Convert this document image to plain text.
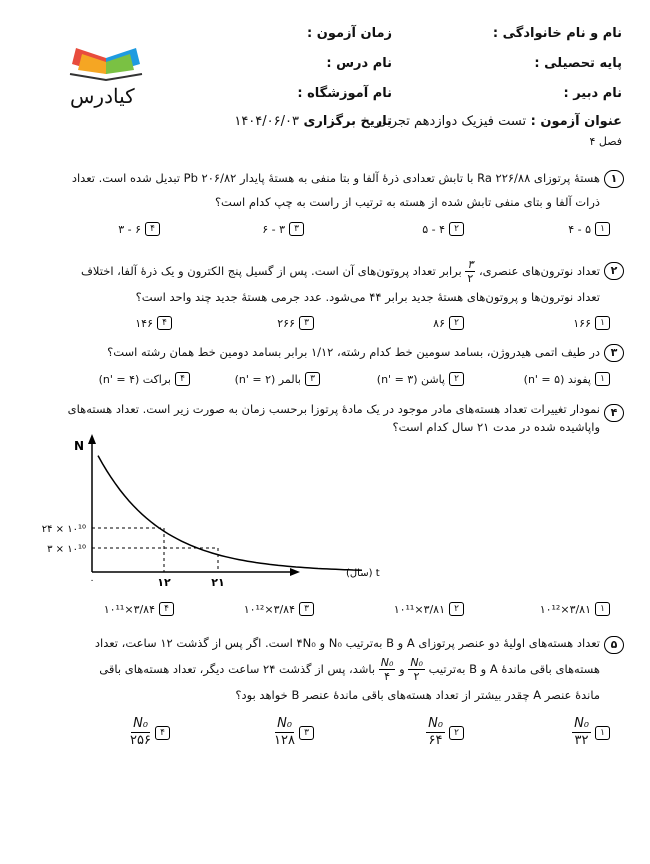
نام و نام خانوادگی :
زمان آزمون :
پایه تحصیلی :
نام درس :
نام دبیر :
نام آموزشگاه :
عنوان آزمون : تست فیزیک دوازدهم تجربی
تاریخ برگزاری ۱۴۰۴/۰۶/۰۳
فصل ۴
کیادرس
۱
هستهٔ پرتوزای Ra ۲۲۶/۸۸ با تابش تعدادی ذرهٔ آلفا و بتا منفی به هستهٔ پایدار Pb ۲۰۶/۸۲ تبدیل شده است. تعداد
ذرات آلفا و بتای منفی تابش شده از هسته به ترتیب از راست به چپ کدام است؟
۱
۵ - ۴
۲
۴ - ۵
۳
۳ - ۶
۴
۶ - ۳
۲
تعداد نوترون‌های عنصری،
$\frac{۳}{۲}$
برابر تعداد پروتون‌های آن است. پس از گسیل پنج الکترون و یک ذرهٔ آلفا، اختلاف
تعداد نوترون‌ها و پروتون‌های هستهٔ جدید برابر ۴۴ می‌شود. عدد جرمی هستهٔ جدید چند واحد است؟
۱
۱۶۶
۲
۸۶
۳
۲۶۶
۴
۱۴۶
۳
در طیف اتمی هیدروژن، بسامد سومین خط کدام رشته، ۱/۱۲ برابر بسامد دومین خط همان رشته است؟
۱
پفوند (n' = ۵)
۲
پاشن (n' = ۳)
۳
بالمر (n' = ۲)
۴
براکت (n' = ۴)
۴
نمودار تغییرات تعداد هسته‌های مادر موجود در یک مادهٔ پرتوزا برحسب زمان به صورت زیر است. تعداد هسته‌های
واپاشیده شده در مدت ۲۱ سال کدام است؟
N
t (سال)
۲۴ × ۱۰¹⁰
۳ × ۱۰¹⁰
۰	۱۲	۲۱
۱
۳/۸۱×۱۰¹²
۲
۳/۸۱×۱۰¹¹
۳
۳/۸۴×۱۰¹²
۴
۳/۸۴×۱۰¹¹
۵
تعداد هسته‌های اولیهٔ دو عنصر پرتوزای A و B به‌ترتیب N₀ و ۴N₀ است. اگر پس از گذشت ۱۲ ساعت، تعداد
هسته‌های باقی ماندهٔ A و B به‌ترتیب
$\frac{\text{N₀}}{۲}$
و
$\frac{\text{N₀}}{۴}$
باشد، پس از گذشت ۲۴ ساعت دیگر، تعداد هسته‌های باقی
ماندهٔ عنصر A چقدر بیشتر از تعداد هسته‌های باقی ماندهٔ عنصر B خواهد بود؟
۱
$\frac{\text{N₀}}{۳۲}$
۲
$\frac{\text{N₀}}{۶۴}$
۳
$\frac{\text{N₀}}{۱۲۸}$
۴
$\frac{\text{N₀}}{۲۵۶}$
